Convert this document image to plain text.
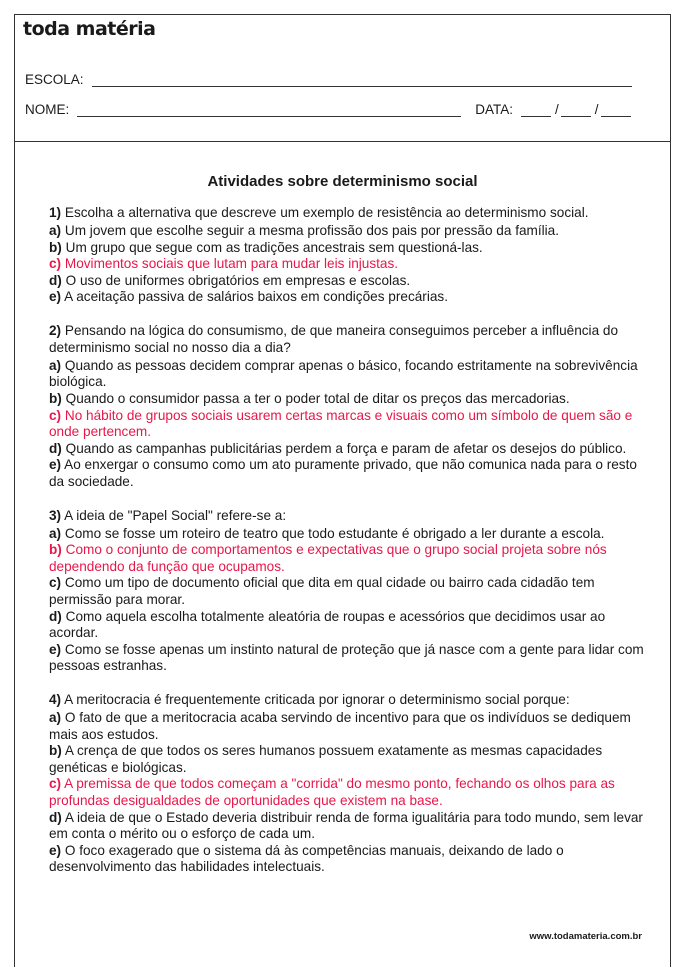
toda matéria
ESCOLA:
NOME:	DATA:	/	/
Atividades sobre determinismo social

1) Escolha a alternativa que descreve um exemplo de resistência ao determinismo social.

a) Um jovem que escolhe seguir a mesma profissão dos pais por pressão da família.

b) Um grupo que segue com as tradições ancestrais sem questioná-las.

c) Movimentos sociais que lutam para mudar leis injustas.

d) O uso de uniformes obrigatórios em empresas e escolas.

e) A aceitação passiva de salários baixos em condições precárias.

2) Pensando na lógica do consumismo, de que maneira conseguimos perceber a influência do determinismo social no nosso dia a dia?

a) Quando as pessoas decidem comprar apenas o básico, focando estritamente na sobrevivência biológica.

b) Quando o consumidor passa a ter o poder total de ditar os preços das mercadorias.

c) No hábito de grupos sociais usarem certas marcas e visuais como um símbolo de quem são e onde pertencem.

d) Quando as campanhas publicitárias perdem a força e param de afetar os desejos do público.

e) Ao enxergar o consumo como um ato puramente privado, que não comunica nada para o resto da sociedade.

3) A ideia de "Papel Social" refere-se a:

a) Como se fosse um roteiro de teatro que todo estudante é obrigado a ler durante a escola.

b) Como o conjunto de comportamentos e expectativas que o grupo social projeta sobre nós dependendo da função que ocupamos.

c) Como um tipo de documento oficial que dita em qual cidade ou bairro cada cidadão tem permissão para morar.

d) Como aquela escolha totalmente aleatória de roupas e acessórios que decidimos usar ao acordar.

e) Como se fosse apenas um instinto natural de proteção que já nasce com a gente para lidar com pessoas estranhas.

4) A meritocracia é frequentemente criticada por ignorar o determinismo social porque:

a) O fato de que a meritocracia acaba servindo de incentivo para que os indivíduos se dediquem mais aos estudos.

b) A crença de que todos os seres humanos possuem exatamente as mesmas capacidades genéticas e biológicas.

c) A premissa de que todos começam a "corrida" do mesmo ponto, fechando os olhos para as profundas desigualdades de oportunidades que existem na base.

d) A ideia de que o Estado deveria distribuir renda de forma igualitária para todo mundo, sem levar em conta o mérito ou o esforço de cada um.

e) O foco exagerado que o sistema dá às competências manuais, deixando de lado o desenvolvimento das habilidades intelectuais.

www.todamateria.com.br
